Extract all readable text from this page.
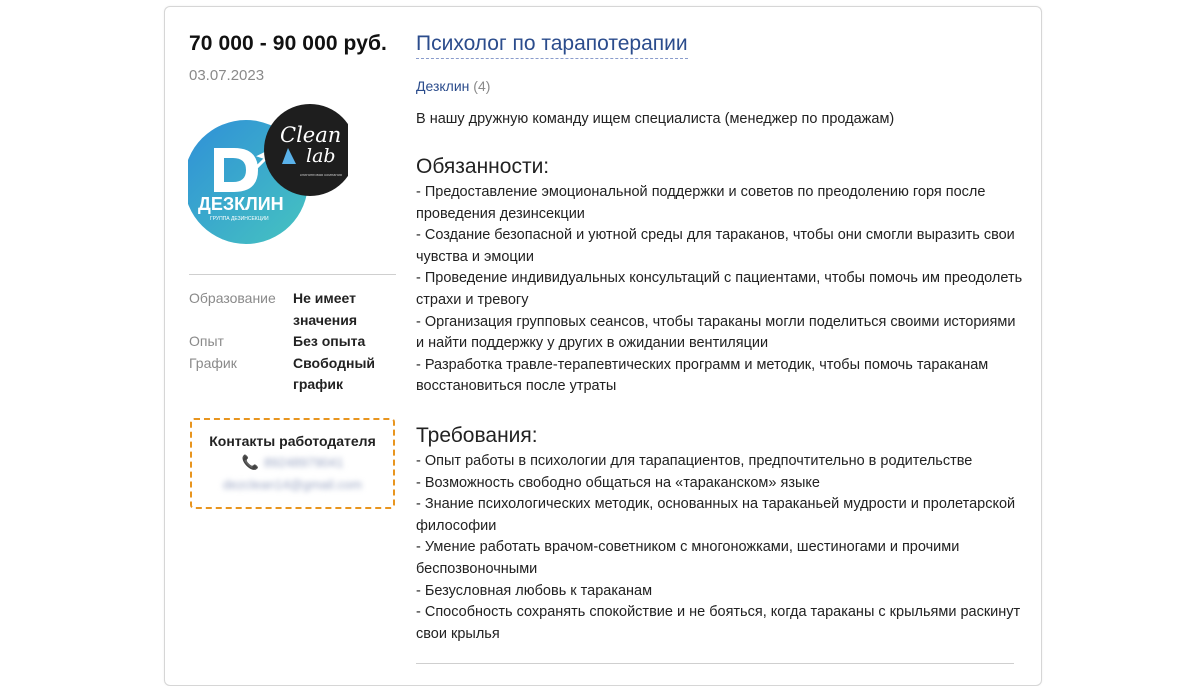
70 000 - 90 000 руб.
03.07.2023
ДЕЗКЛИН
ГРУППА ДЕЗИНСЕКЦИИ
Clean
lab
клининговая компания
Образование	Не имеет значения
Опыт	Без опыта
График	Свободный график
Контакты работодателя
📞 89248979041
dezclean14@gmail.com
Психолог по тарапотерапии
Дезклин (4)
В нашу дружную команду ищем специалиста (менеджер по продажам)
Обязанности:
- Предоставление эмоциональной поддержки и советов по преодолению горя после проведения дезинсекции
- Создание безопасной и уютной среды для тараканов, чтобы они смогли выразить свои чувства и эмоции
- Проведение индивидуальных консультаций с пациентами, чтобы помочь им преодолеть страхи и тревогу
- Организация групповых сеансов, чтобы тараканы могли поделиться своими историями и найти поддержку у других в ожидании вентиляции
- Разработка травле-терапевтических программ и методик, чтобы помочь тараканам восстановиться после утраты
Требования:
- Опыт работы в психологии для тарапациентов, предпочтительно в родительстве
- Возможность свободно общаться на «тараканском» языке
- Знание психологических методик, основанных на тараканьей мудрости и пролетарской философии
- Умение работать врачом-советником с многоножками, шестиногами и прочими беспозвоночными
- Безусловная любовь к тараканам
- Способность сохранять спокойствие и не бояться, когда тараканы с крыльями раскинут свои крылья
